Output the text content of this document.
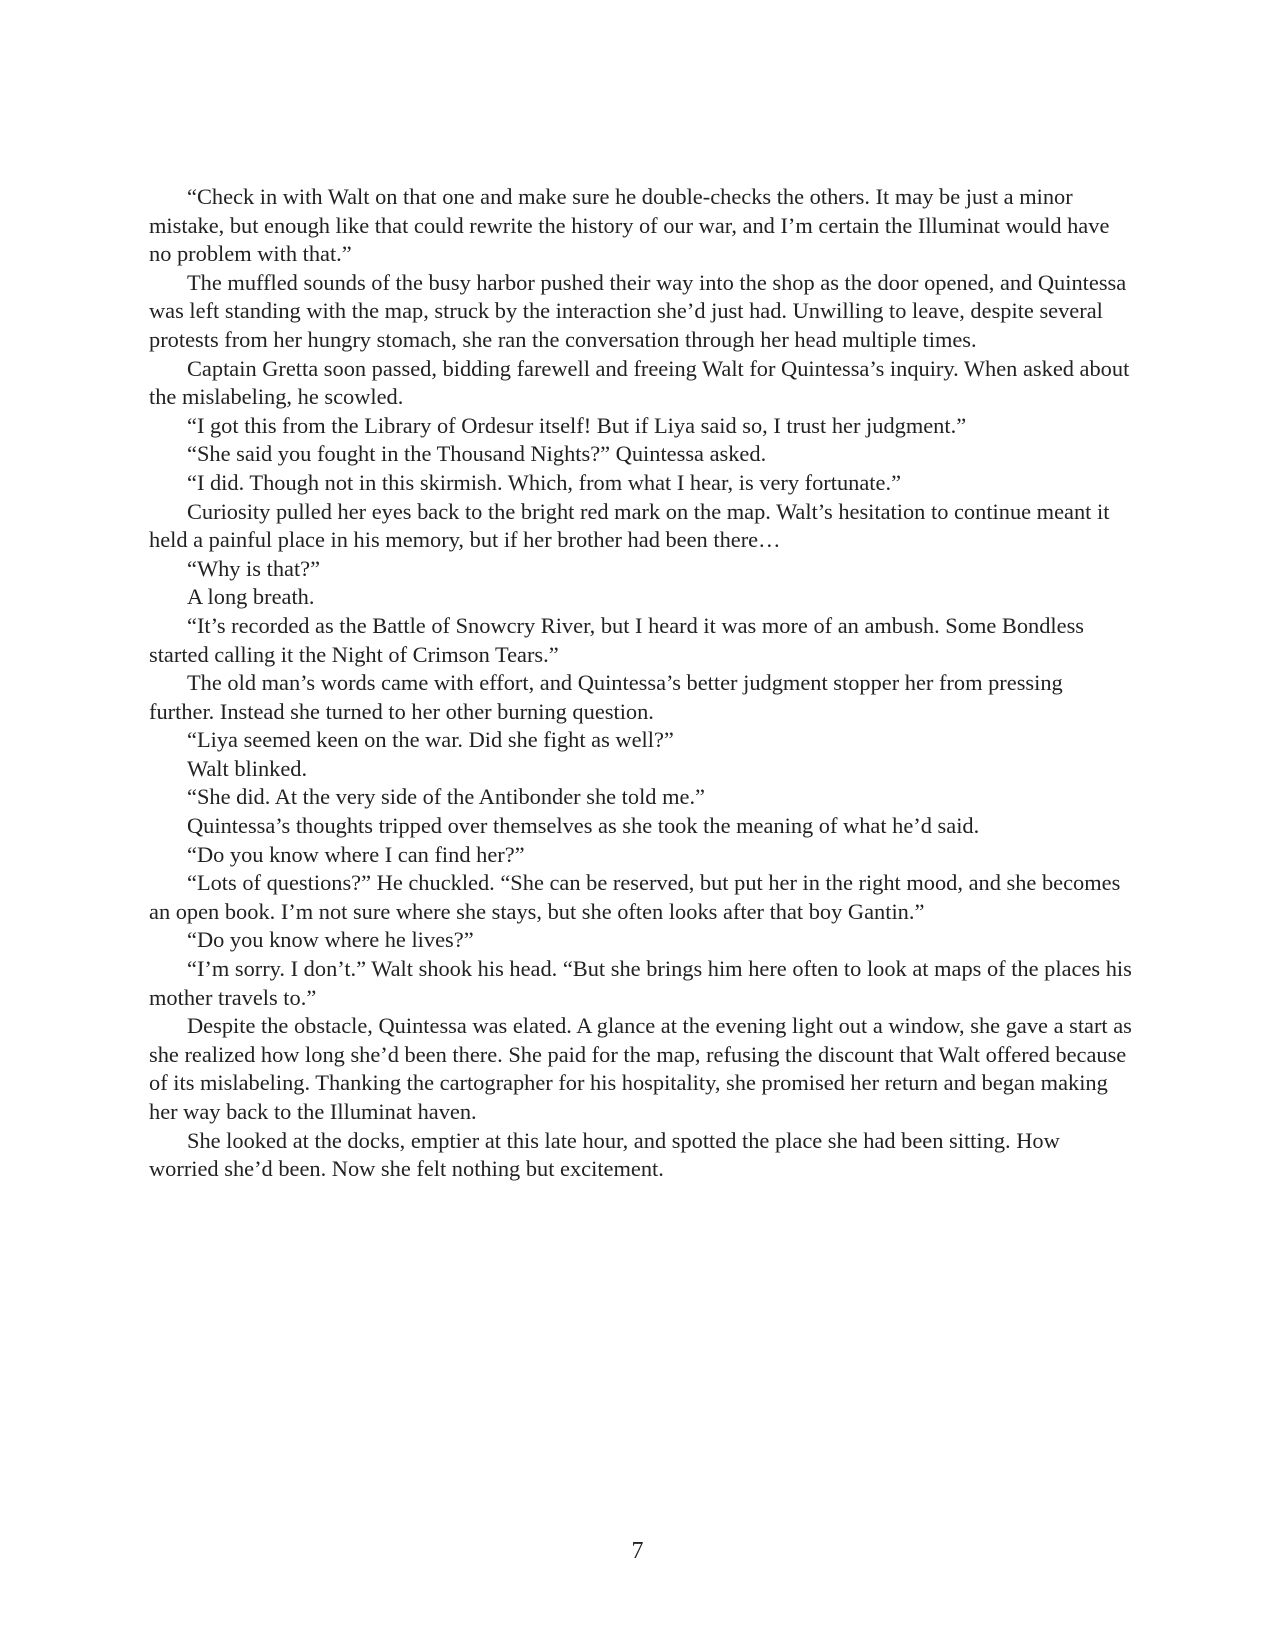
“Check in with Walt on that one and make sure he double-checks the others. It may be just a minor mistake, but enough like that could rewrite the history of our war, and I’m certain the Illuminat would have no problem with that.”

The muffled sounds of the busy harbor pushed their way into the shop as the door opened, and Quintessa was left standing with the map, struck by the interaction she’d just had. Unwilling to leave, despite several protests from her hungry stomach, she ran the conversation through her head multiple times.

Captain Gretta soon passed, bidding farewell and freeing Walt for Quintessa’s inquiry. When asked about the mislabeling, he scowled.

“I got this from the Library of Ordesur itself! But if Liya said so, I trust her judgment.”

“She said you fought in the Thousand Nights?” Quintessa asked.

“I did. Though not in this skirmish. Which, from what I hear, is very fortunate.”

Curiosity pulled her eyes back to the bright red mark on the map. Walt’s hesitation to continue meant it held a painful place in his memory, but if her brother had been there…

“Why is that?”

A long breath.

“It’s recorded as the Battle of Snowcry River, but I heard it was more of an ambush. Some Bondless started calling it the Night of Crimson Tears.”

The old man’s words came with effort, and Quintessa’s better judgment stopper her from pressing further. Instead she turned to her other burning question.

“Liya seemed keen on the war. Did she fight as well?”

Walt blinked.

“She did. At the very side of the Antibonder she told me.”

Quintessa’s thoughts tripped over themselves as she took the meaning of what he’d said.

“Do you know where I can find her?”

“Lots of questions?” He chuckled. “She can be reserved, but put her in the right mood, and she becomes an open book. I’m not sure where she stays, but she often looks after that boy Gantin.”

“Do you know where he lives?”

“I’m sorry. I don’t.” Walt shook his head. “But she brings him here often to look at maps of the places his mother travels to.”

Despite the obstacle, Quintessa was elated. A glance at the evening light out a window, she gave a start as she realized how long she’d been there. She paid for the map, refusing the discount that Walt offered because of its mislabeling. Thanking the cartographer for his hospitality, she promised her return and began making her way back to the Illuminat haven.

She looked at the docks, emptier at this late hour, and spotted the place she had been sitting. How worried she’d been. Now she felt nothing but excitement.

7
